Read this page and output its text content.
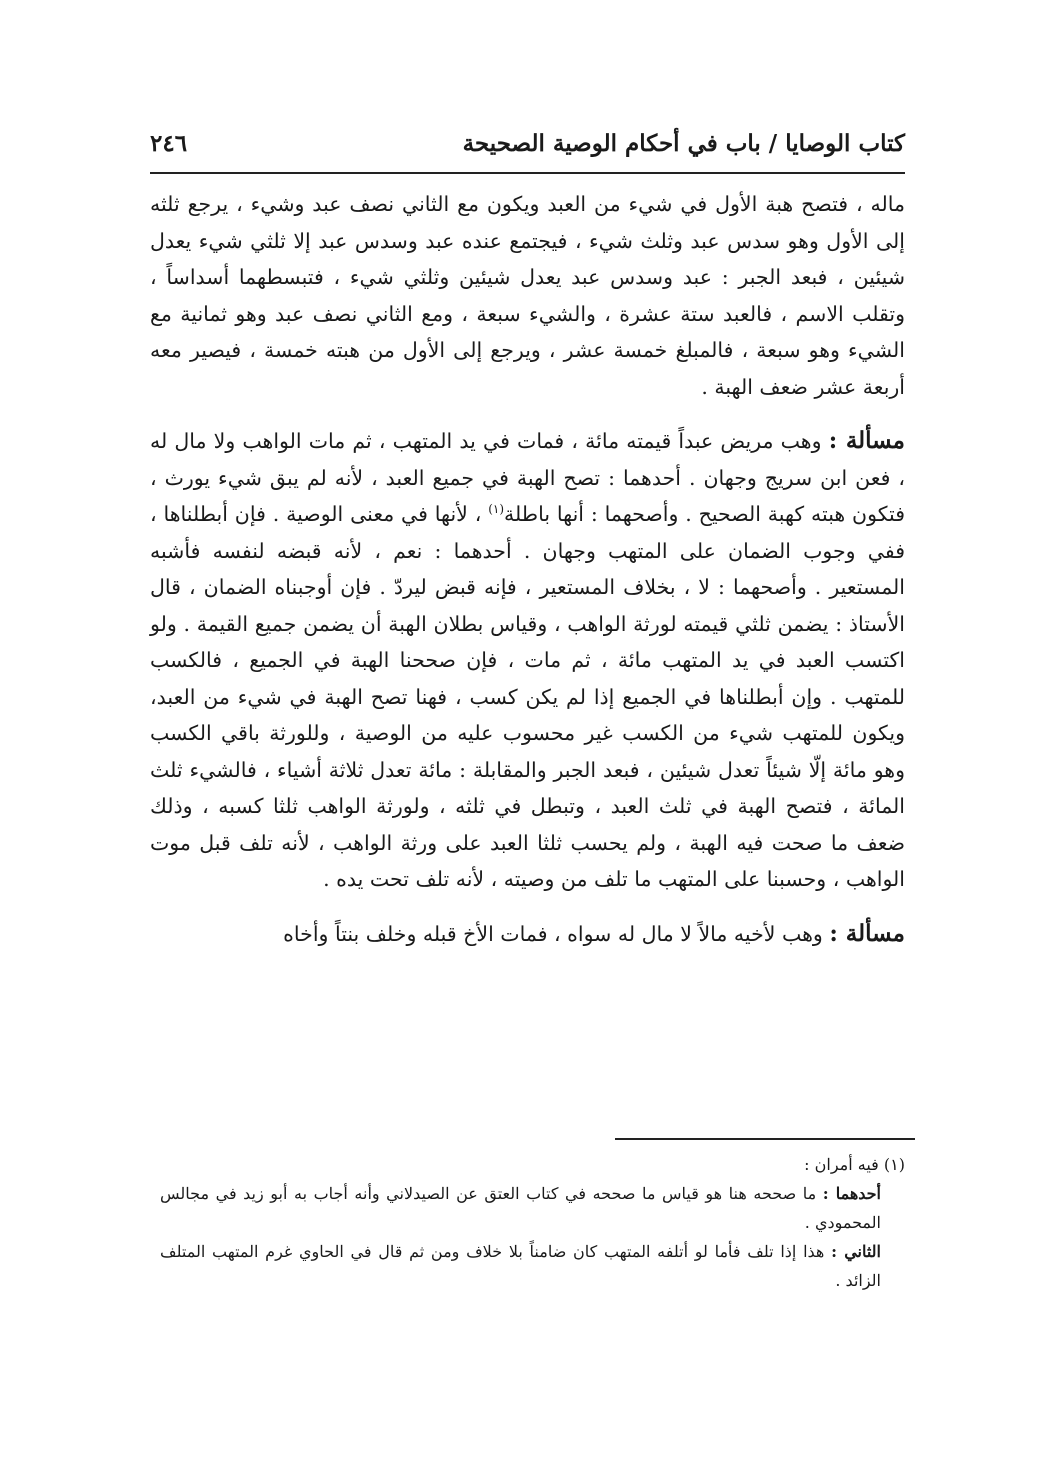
كتاب الوصايا / باب في أحكام الوصية الصحيحة
٢٤٦

ماله ، فتصح هبة الأول في شيء من العبد ويكون مع الثاني نصف عبد وشيء ، يرجع ثلثه إلى الأول وهو سدس عبد وثلث شيء ، فيجتمع عنده عبد وسدس عبد إلا ثلثي شيء يعدل شيئين ، فبعد الجبر : عبد وسدس عبد يعدل شيئين وثلثي شيء ، فتبسطهما أسداساً ، وتقلب الاسم ، فالعبد ستة عشرة ، والشيء سبعة ، ومع الثاني نصف عبد وهو ثمانية مع الشيء وهو سبعة ، فالمبلغ خمسة عشر ، ويرجع إلى الأول من هبته خمسة ، فيصير معه أربعة عشر ضعف الهبة .

مسألة : وهب مريض عبداً قيمته مائة ، فمات في يد المتهب ، ثم مات الواهب ولا مال له ، فعن ابن سريج وجهان . أحدهما : تصح الهبة في جميع العبد ، لأنه لم يبق شيء يورث ، فتكون هبته كهبة الصحيح . وأصحهما : أنها باطلة$^{(١)}$ ، لأنها في معنى الوصية . فإن أبطلناها ، ففي وجوب الضمان على المتهب وجهان . أحدهما : نعم ، لأنه قبضه لنفسه فأشبه المستعير . وأصحهما : لا ، بخلاف المستعير ، فإنه قبض ليردّ . فإن أوجبناه الضمان ، قال الأستاذ : يضمن ثلثي قيمته لورثة الواهب ، وقياس بطلان الهبة أن يضمن جميع القيمة . ولو اكتسب العبد في يد المتهب مائة ، ثم مات ، فإن صححنا الهبة في الجميع ، فالكسب للمتهب . وإن أبطلناها في الجميع إذا لم يكن كسب ، فهنا تصح الهبة في شيء من العبد، ويكون للمتهب شيء من الكسب غير محسوب عليه من الوصية ، وللورثة باقي الكسب وهو مائة إلّا شيئاً تعدل شيئين ، فبعد الجبر والمقابلة : مائة تعدل ثلاثة أشياء ، فالشيء ثلث المائة ، فتصح الهبة في ثلث العبد ، وتبطل في ثلثه ، ولورثة الواهب ثلثا كسبه ، وذلك ضعف ما صحت فيه الهبة ، ولم يحسب ثلثا العبد على ورثة الواهب ، لأنه تلف قبل موت الواهب ، وحسبنا على المتهب ما تلف من وصيته ، لأنه تلف تحت يده .

مسألة : وهب لأخيه مالاً لا مال له سواه ، فمات الأخ قبله وخلف بنتاً وأخاه

(١) فيه أمران :

أحدهما : ما صححه هنا هو قياس ما صححه في كتاب العتق عن الصيدلاني وأنه أجاب به أبو زيد في مجالس المحمودي .

الثاني : هذا إذا تلف فأما لو أتلفه المتهب كان ضامناً بلا خلاف ومن ثم قال في الحاوي غرم المتهب المتلف الزائد .
